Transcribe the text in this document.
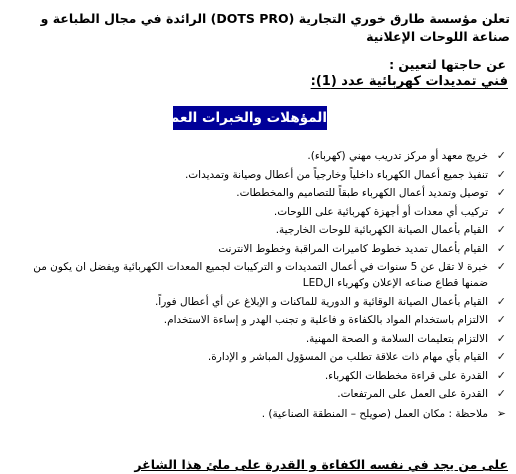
تعلن مؤسسة طارق خوري التجارية (DOTS PRO) الرائدة في مجال الطباعة و صناعة اللوحات الإعلانية
عن حاجتها لتعيين :
فني تمديدات كهربائية عدد (1):
المؤهلات والخبرات العملية :
✓
خريج معهد أو مركز تدريب مهني (كهرباء).
✓
تنفيذ جميع أعمال الكهرباء داخلياً وخارجياً من أعطال وصيانة وتمديدات.
✓
توصيل وتمديد أعمال الكهرباء طبقاً للتصاميم والمخططات.
✓
تركيب أي معدات أو أجهزة كهربائية على اللوحات.
✓
القيام بأعمال الصيانة الكهربائية للوحات الخارجية.
✓
القيام بأعمال تمديد خطوط كاميرات المراقبة وخطوط الانترنت
✓
خبرة لا تقل عن 5 سنوات في أعمال التمديدات و التركيبات لجميع المعدات الكهربائية ويفضل ان يكون من ضمنها قطاع صناعه الإعلان وكهرباء الLED
✓
القيام بأعمال الصيانة الوقائية و الدورية للماكنات و الإبلاغ عن أي أعطال فوراً.
✓
الالتزام باستخدام المواد بالكفاءة و فاعلية و تجنب الهدر و إساءة الاستخدام.
✓
الالتزام بتعليمات السلامة و الصحة المهنية.
✓
القيام بأي مهام ذات علاقة تطلب من المسؤول المباشر و الإدارة.
✓
القدرة على قراءة مخططات الكهرباء.
✓
القدرة على العمل على المرتفعات.
➢
ملاحظة : مكان العمل (صويلح – المنطقة الصناعية) .
على من يجد في نفسه الكفاءة و القدرة على ملئ هذا الشاغر
